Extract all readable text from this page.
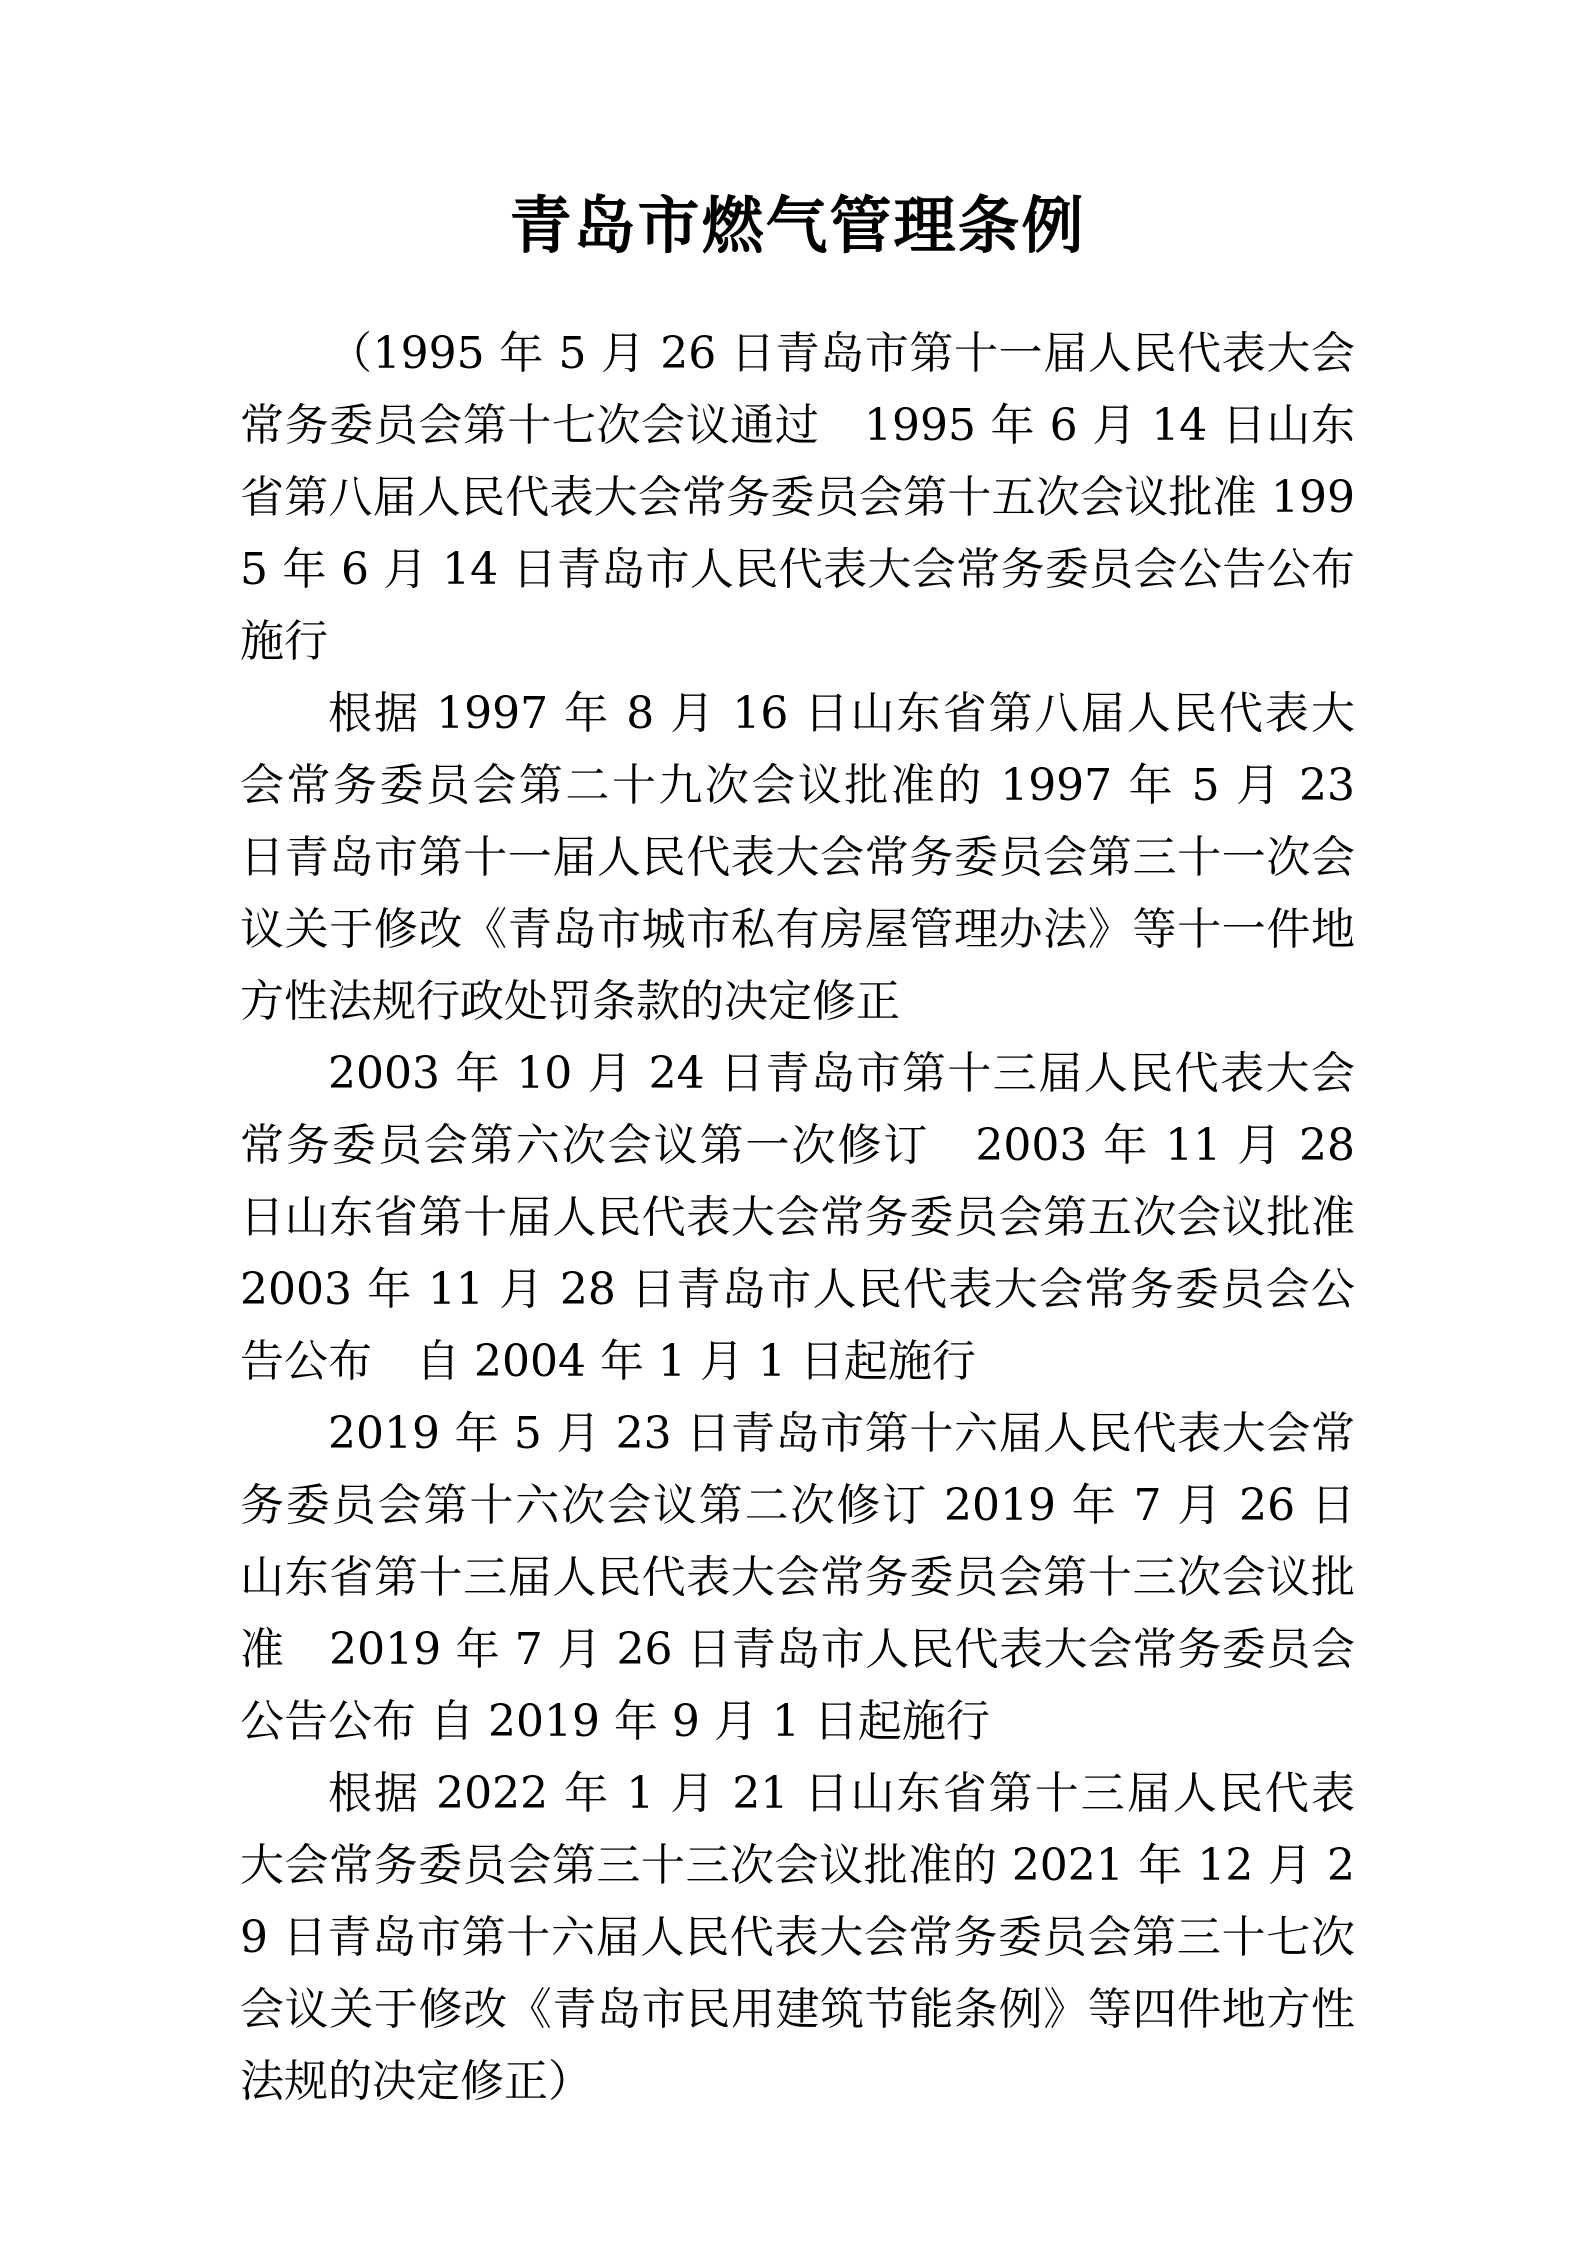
青岛市燃气管理条例

（1995 年 5 月 26 日青岛市第十一届人民代表大会常务委员会第十七次会议通过　1995 年 6 月 14 日山东省第八届人民代表大会常务委员会第十五次会议批准 1995 年 6 月 14 日青岛市人民代表大会常务委员会公告公布施行

根据 1997 年 8 月 16 日山东省第八届人民代表大会常务委员会第二十九次会议批准的 1997 年 5 月 23 日青岛市第十一届人民代表大会常务委员会第三十一次会议关于修改《青岛市城市私有房屋管理办法》等十一件地方性法规行政处罚条款的决定修正

2003 年 10 月 24 日青岛市第十三届人民代表大会常务委员会第六次会议第一次修订　2003 年 11 月 28 日山东省第十届人民代表大会常务委员会第五次会议批准　2003 年 11 月 28 日青岛市人民代表大会常务委员会公告公布　自 2004 年 1 月 1 日起施行

2019 年 5 月 23 日青岛市第十六届人民代表大会常务委员会第十六次会议第二次修订 2019 年 7 月 26 日山东省第十三届人民代表大会常务委员会第十三次会议批准　2019 年 7 月 26 日青岛市人民代表大会常务委员会公告公布 自 2019 年 9 月 1 日起施行

根据 2022 年 1 月 21 日山东省第十三届人民代表大会常务委员会第三十三次会议批准的 2021 年 12 月 29 日青岛市第十六届人民代表大会常务委员会第三十七次会议关于修改《青岛市民用建筑节能条例》等四件地方性法规的决定修正）
